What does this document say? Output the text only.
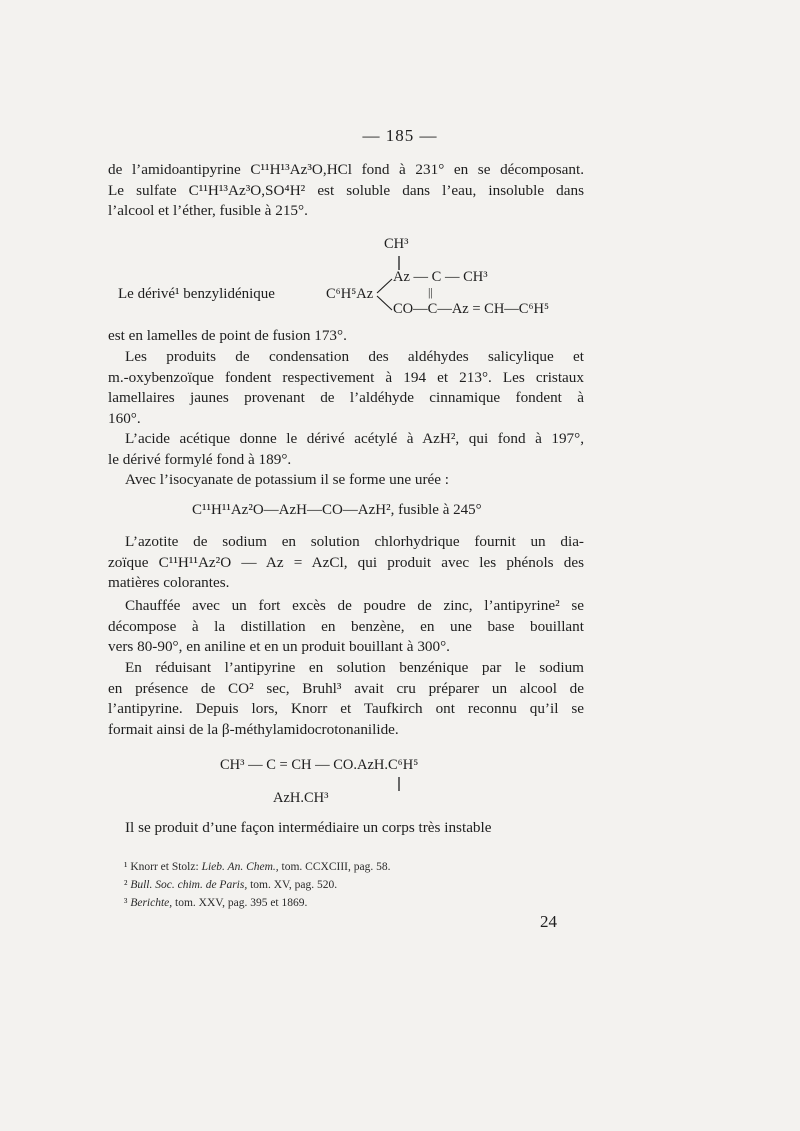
— 185 —
de l’amidoantipyrine C¹¹H¹³Az³O,HCl fond à 231° en se décomposant.
Le sulfate C¹¹H¹³Az³O,SO⁴H² est soluble dans l’eau, insoluble dans
l’alcool et l’éther, fusible à 215°.
Le dérivé¹ benzylidénique
CH³
Az — C — CH³
||
C⁶H⁵Az
CO—C—Az = CH—C⁶H⁵
est en lamelles de point de fusion 173°.
Les produits de condensation des aldéhydes salicylique et
m.-oxybenzoïque fondent respectivement à 194 et 213°. Les cristaux
lamellaires jaunes provenant de l’aldéhyde cinnamique fondent à
160°.
L’acide acétique donne le dérivé acétylé à AzH², qui fond à 197°,
le dérivé formylé fond à 189°.
Avec l’isocyanate de potassium il se forme une urée :
C¹¹H¹¹Az²O—AzH—CO—AzH², fusible à 245°
L’azotite de sodium en solution chlorhydrique fournit un dia-
zoïque C¹¹H¹¹Az²O — Az = AzCl, qui produit avec les phénols des
matières colorantes.
Chauffée avec un fort excès de poudre de zinc, l’antipyrine² se
décompose à la distillation en benzène, en une base bouillant
vers 80-90°, en aniline et en un produit bouillant à 300°.
En réduisant l’antipyrine en solution benzénique par le sodium
en présence de CO² sec, Bruhl³ avait cru préparer un alcool de
l’antipyrine. Depuis lors, Knorr et Taufkirch ont reconnu qu’il se
formait ainsi de la β-méthylamidocrotonanilide.
CH³ — C = CH — CO.AzH.C⁶H⁵
AzH.CH³
Il se produit d’une façon intermédiaire un corps très instable
¹ Knorr et Stolz: Lieb. An. Chem., tom. CCXCIII, pag. 58.
² Bull. Soc. chim. de Paris, tom. XV, pag. 520.
³ Berichte, tom. XXV, pag. 395 et 1869.
24
